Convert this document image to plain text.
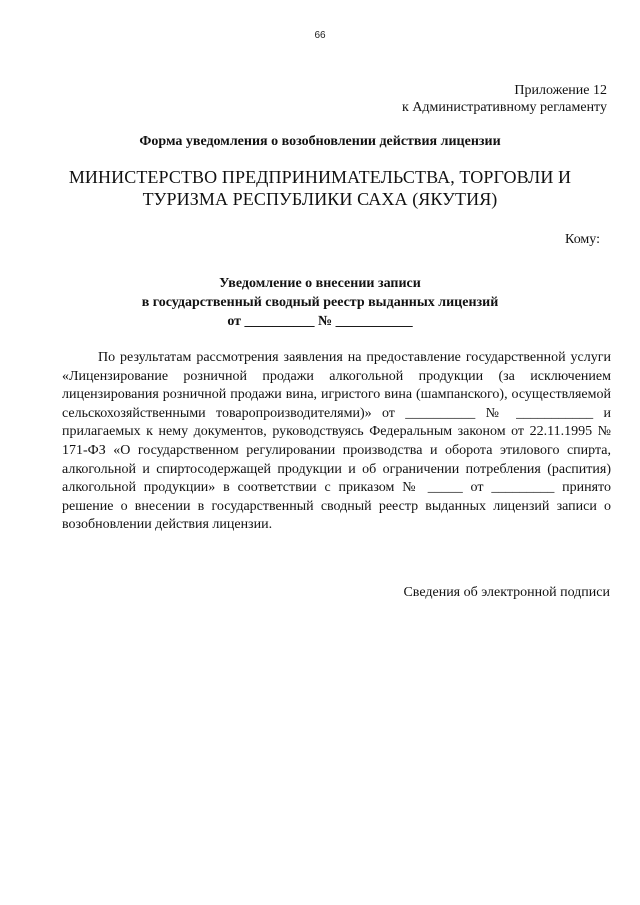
66
Приложение 12
к Административному регламенту
Форма уведомления о возобновлении действия лицензии
МИНИСТЕРСТВО ПРЕДПРИНИМАТЕЛЬСТВА, ТОРГОВЛИ И
ТУРИЗМА РЕСПУБЛИКИ САХА (ЯКУТИЯ)
Кому:
Уведомление о внесении записи
в государственный сводный реестр выданных лицензий
от __________ № ___________

По результатам рассмотрения заявления на предоставление государственной услуги «Лицензирование розничной продажи алкогольной продукции (за исключением лицензирования розничной продажи вина, игристого вина (шампанского), осуществляемой сельскохозяйственными товаропроизводителями)» от __________ № ___________ и прилагаемых к нему документов, руководствуясь Федеральным законом от 22.11.1995 № 171-ФЗ «О государственном регулировании производства и оборота этилового спирта, алкогольной и спиртосодержащей продукции и об ограничении потребления (распития) алкогольной продукции» в соответствии с приказом № _____ от _________ принято решение о внесении в государственный сводный реестр выданных лицензий записи о возобновлении действия лицензии.

Сведения об электронной подписи
